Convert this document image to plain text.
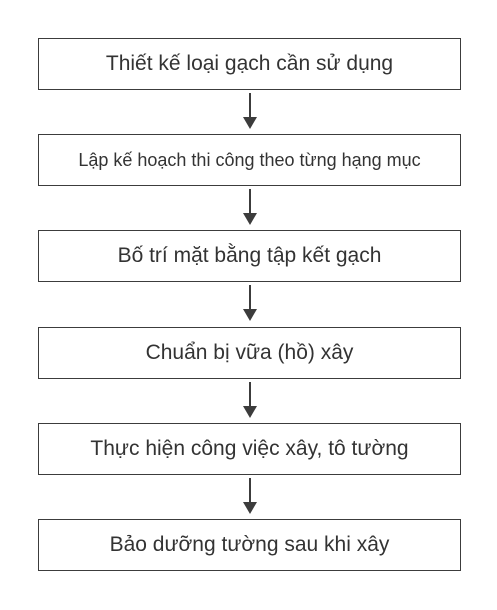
Thiết kế loại gạch cần sử dụng
Lập kế hoạch thi công theo từng hạng mục
Bố trí mặt bằng tập kết gạch
Chuẩn bị vữa (hồ) xây
Thực hiện công việc xây, tô tường
Bảo dưỡng tường sau khi xây
